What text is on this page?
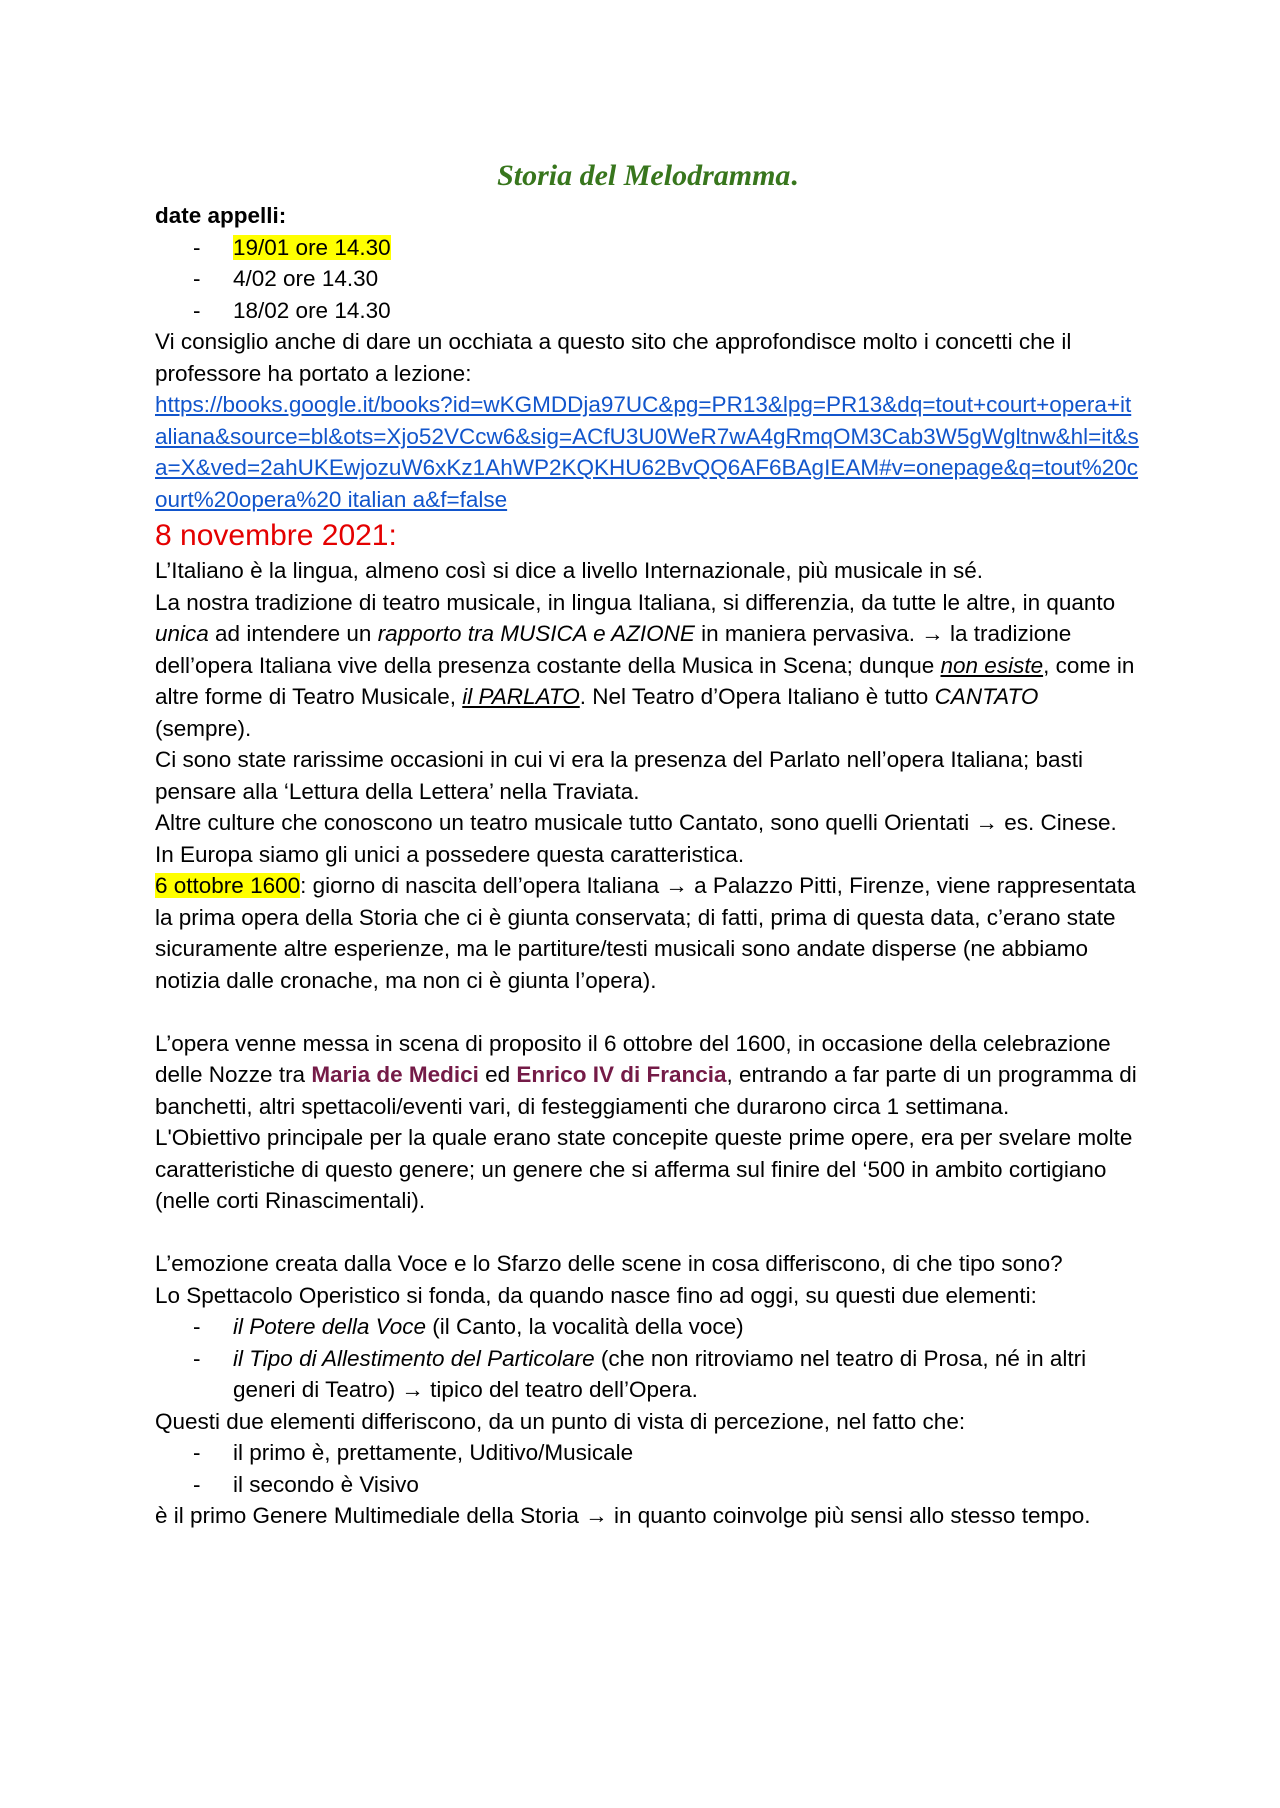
Storia del Melodramma.

date appelli:

- 19/01 ore 14.30
- 4/02 ore 14.30
- 18/02 ore 14.30

Vi consiglio anche di dare un occhiata a questo sito che approfondisce molto i concetti che il professore ha portato a lezione:

https://books.google.it/books?id=wKGMDDja97UC&pg=PR13&lpg=PR13&dq=tout+court+opera+italiana&source=bl&ots=Xjo52VCcw6&sig=ACfU3U0WeR7wA4gRmqOM3Cab3W5gWgltnw&hl=it&sa=X&ved=2ahUKEwjozuW6xKz1AhWP2KQKHU62BvQQ6AF6BAgIEAM#v=onepage&q=tout%20court%20opera%20 italian a&f=false

8 novembre 2021:

L’Italiano è la lingua, almeno così si dice a livello Internazionale, più musicale in sé.

La nostra tradizione di teatro musicale, in lingua Italiana, si differenzia, da tutte le altre, in quanto unica ad intendere un rapporto tra MUSICA e AZIONE in maniera pervasiva. → la tradizione dell’opera Italiana vive della presenza costante della Musica in Scena; dunque non esiste, come in altre forme di Teatro Musicale, il PARLATO. Nel Teatro d’Opera Italiano è tutto CANTATO (sempre).

Ci sono state rarissime occasioni in cui vi era la presenza del Parlato nell’opera Italiana; basti pensare alla ‘Lettura della Lettera’ nella Traviata.

Altre culture che conoscono un teatro musicale tutto Cantato, sono quelli Orientati → es. Cinese.

In Europa siamo gli unici a possedere questa caratteristica.

6 ottobre 1600: giorno di nascita dell’opera Italiana → a Palazzo Pitti, Firenze, viene rappresentata la prima opera della Storia che ci è giunta conservata; di fatti, prima di questa data, c’erano state sicuramente altre esperienze, ma le partiture/testi musicali sono andate disperse (ne abbiamo notizia dalle cronache, ma non ci è giunta l’opera).

L’opera venne messa in scena di proposito il 6 ottobre del 1600, in occasione della celebrazione delle Nozze tra Maria de Medici ed Enrico IV di Francia, entrando a far parte di un programma di banchetti, altri spettacoli/eventi vari, di festeggiamenti che durarono circa 1 settimana.

L'Obiettivo principale per la quale erano state concepite queste prime opere, era per svelare molte caratteristiche di questo genere; un genere che si afferma sul finire del ‘500 in ambito cortigiano (nelle corti Rinascimentali).

L’emozione creata dalla Voce e lo Sfarzo delle scene in cosa differiscono, di che tipo sono?

Lo Spettacolo Operistico si fonda, da quando nasce fino ad oggi, su questi due elementi:

- il Potere della Voce (il Canto, la vocalità della voce)
- il Tipo di Allestimento del Particolare (che non ritroviamo nel teatro di Prosa, né in altri generi di Teatro) → tipico del teatro dell’Opera.

Questi due elementi differiscono, da un punto di vista di percezione, nel fatto che:

- il primo è, prettamente, Uditivo/Musicale
- il secondo è Visivo

è il primo Genere Multimediale della Storia → in quanto coinvolge più sensi allo stesso tempo.
